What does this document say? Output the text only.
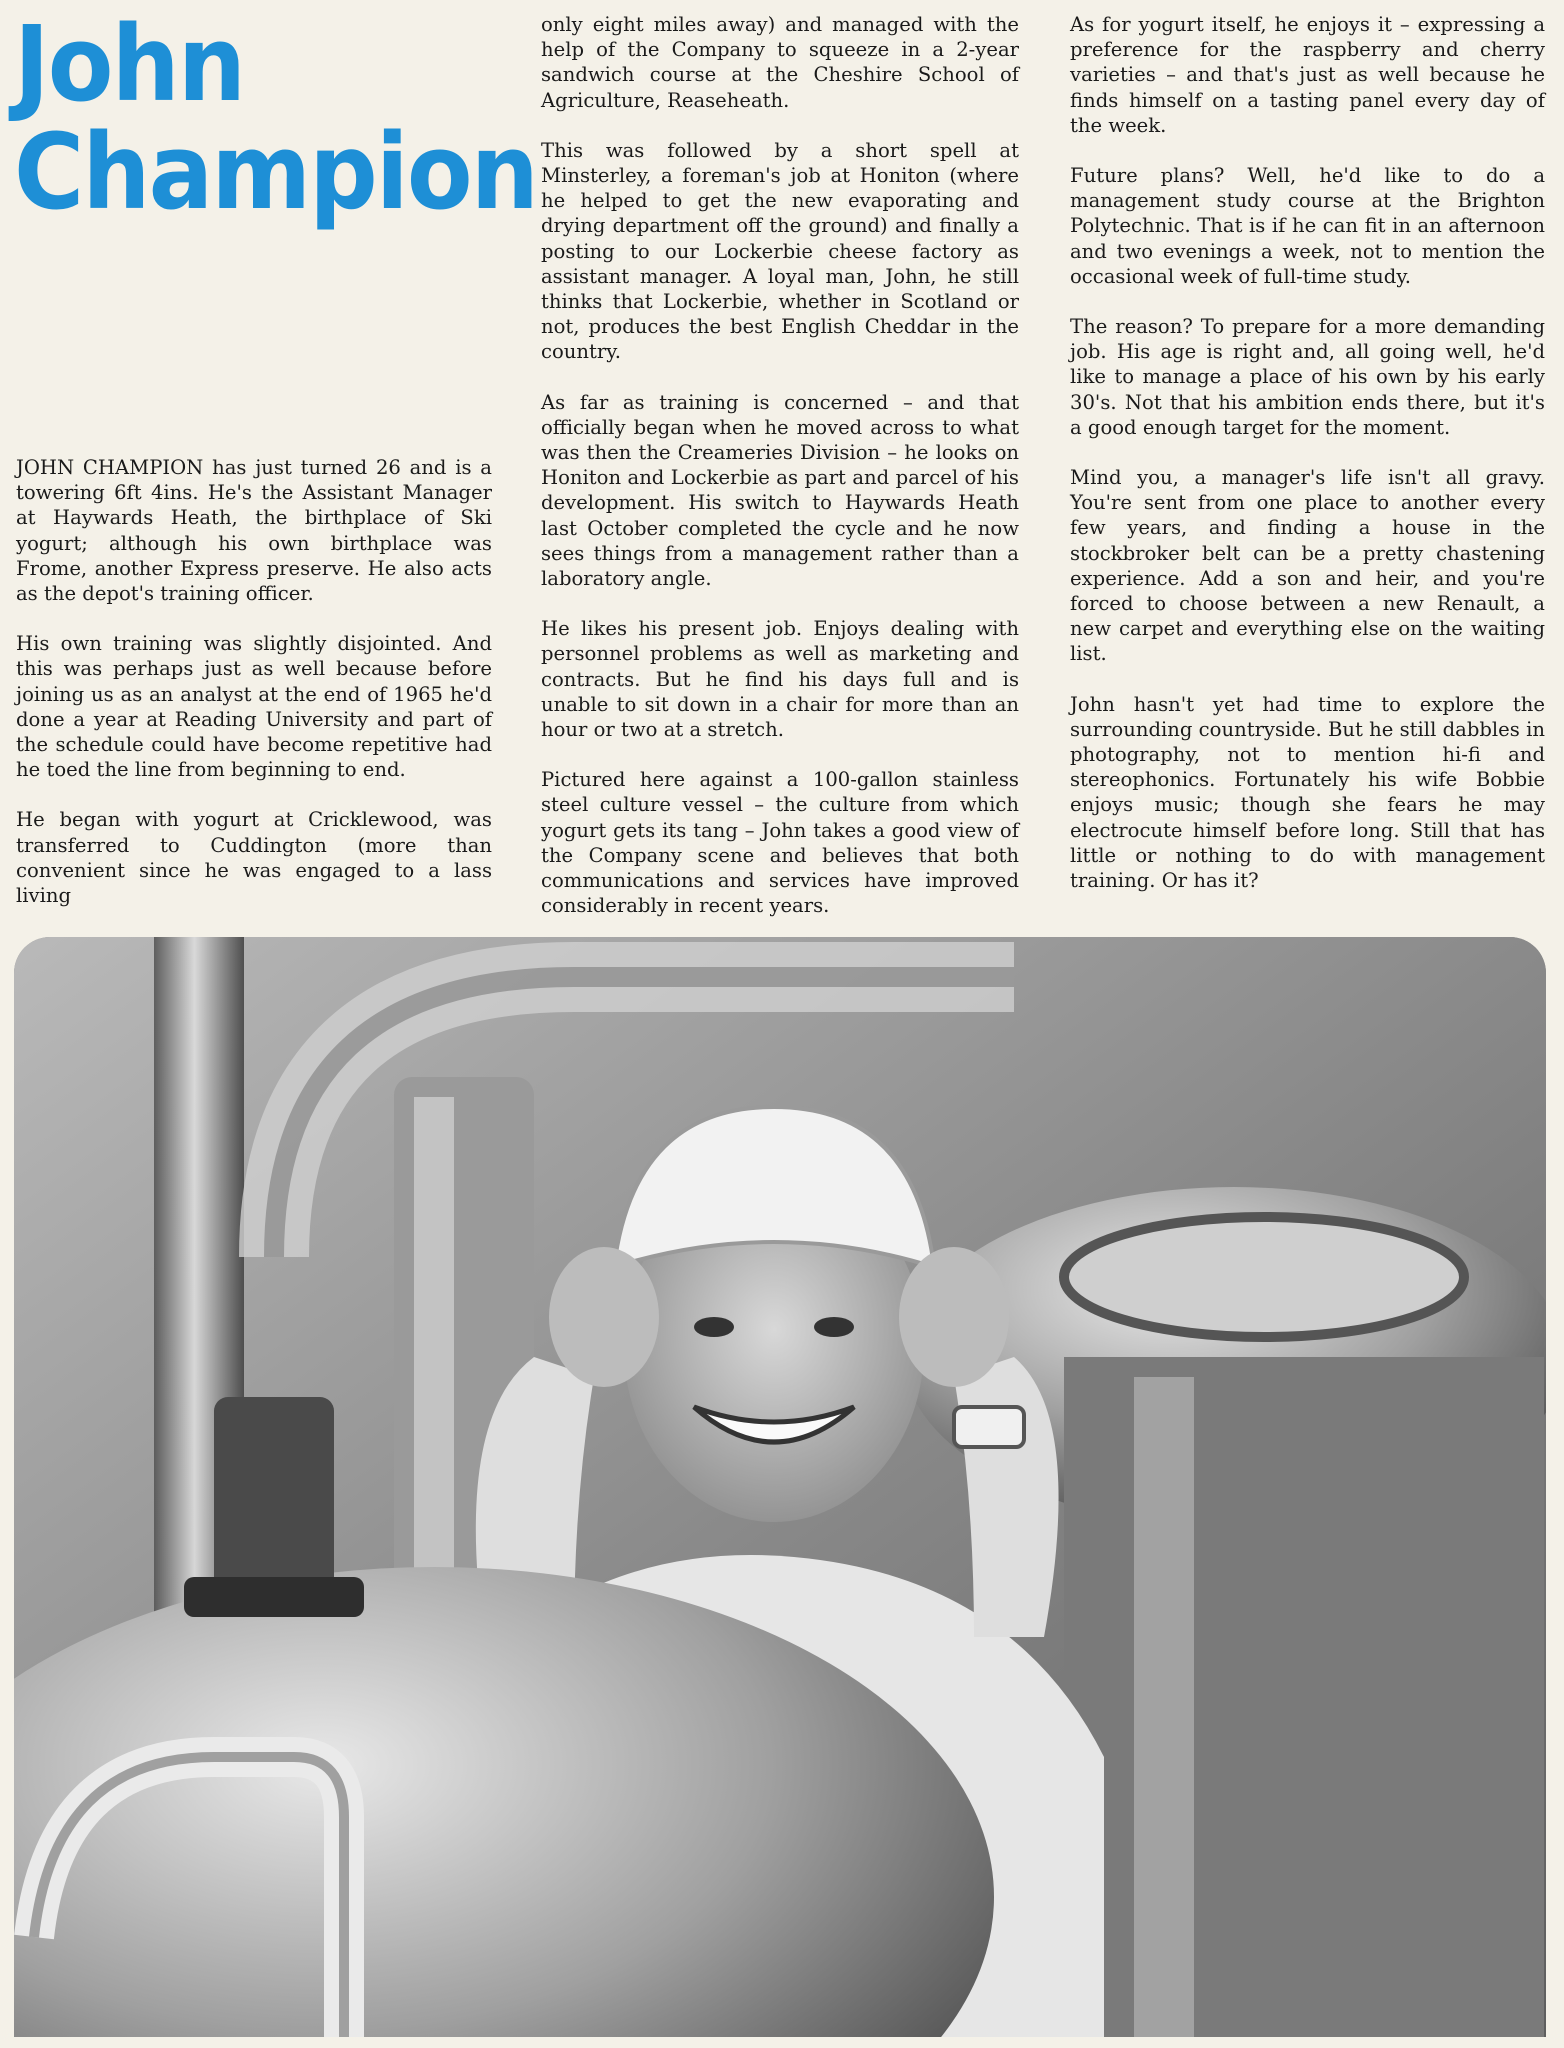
John
Champion

JOHN CHAMPION has just turned 26 and is a towering 6ft 4ins. He's the Assistant Manager at Haywards Heath, the birthplace of Ski yogurt; although his own birthplace was Frome, another Express preserve. He also acts as the depot's training officer.

His own training was slightly disjointed. And this was perhaps just as well because before joining us as an analyst at the end of 1965 he'd done a year at Reading University and part of the schedule could have become repetitive had he toed the line from beginning to end.

He began with yogurt at Cricklewood, was transferred to Cuddington (more than convenient since he was engaged to a lass living

only eight miles away) and managed with the help of the Company to squeeze in a 2-year sandwich course at the Cheshire School of Agriculture, Reaseheath.

This was followed by a short spell at Minsterley, a foreman's job at Honiton (where he helped to get the new evaporating and drying department off the ground) and finally a posting to our Lockerbie cheese factory as assistant manager. A loyal man, John, he still thinks that Lockerbie, whether in Scotland or not, produces the best English Cheddar in the country.

As far as training is concerned – and that officially began when he moved across to what was then the Creameries Division – he looks on Honiton and Lockerbie as part and parcel of his development. His switch to Haywards Heath last October completed the cycle and he now sees things from a management rather than a laboratory angle.

He likes his present job. Enjoys dealing with personnel problems as well as marketing and contracts. But he find his days full and is unable to sit down in a chair for more than an hour or two at a stretch.

Pictured here against a 100-gallon stainless steel culture vessel – the culture from which yogurt gets its tang – John takes a good view of the Company scene and believes that both communications and services have improved considerably in recent years.

As for yogurt itself, he enjoys it – expressing a preference for the raspberry and cherry varieties – and that's just as well because he finds himself on a tasting panel every day of the week.

Future plans? Well, he'd like to do a management study course at the Brighton Polytechnic. That is if he can fit in an afternoon and two evenings a week, not to mention the occasional week of full-time study.

The reason? To prepare for a more demanding job. His age is right and, all going well, he'd like to manage a place of his own by his early 30's. Not that his ambition ends there, but it's a good enough target for the moment.

Mind you, a manager's life isn't all gravy. You're sent from one place to another every few years, and finding a house in the stockbroker belt can be a pretty chastening experience. Add a son and heir, and you're forced to choose between a new Renault, a new carpet and everything else on the waiting list.

John hasn't yet had time to explore the surrounding countryside. But he still dabbles in photography, not to mention hi-fi and stereophonics. Fortunately his wife Bobbie enjoys music; though she fears he may electrocute himself before long. Still that has little or nothing to do with management training. Or has it?
